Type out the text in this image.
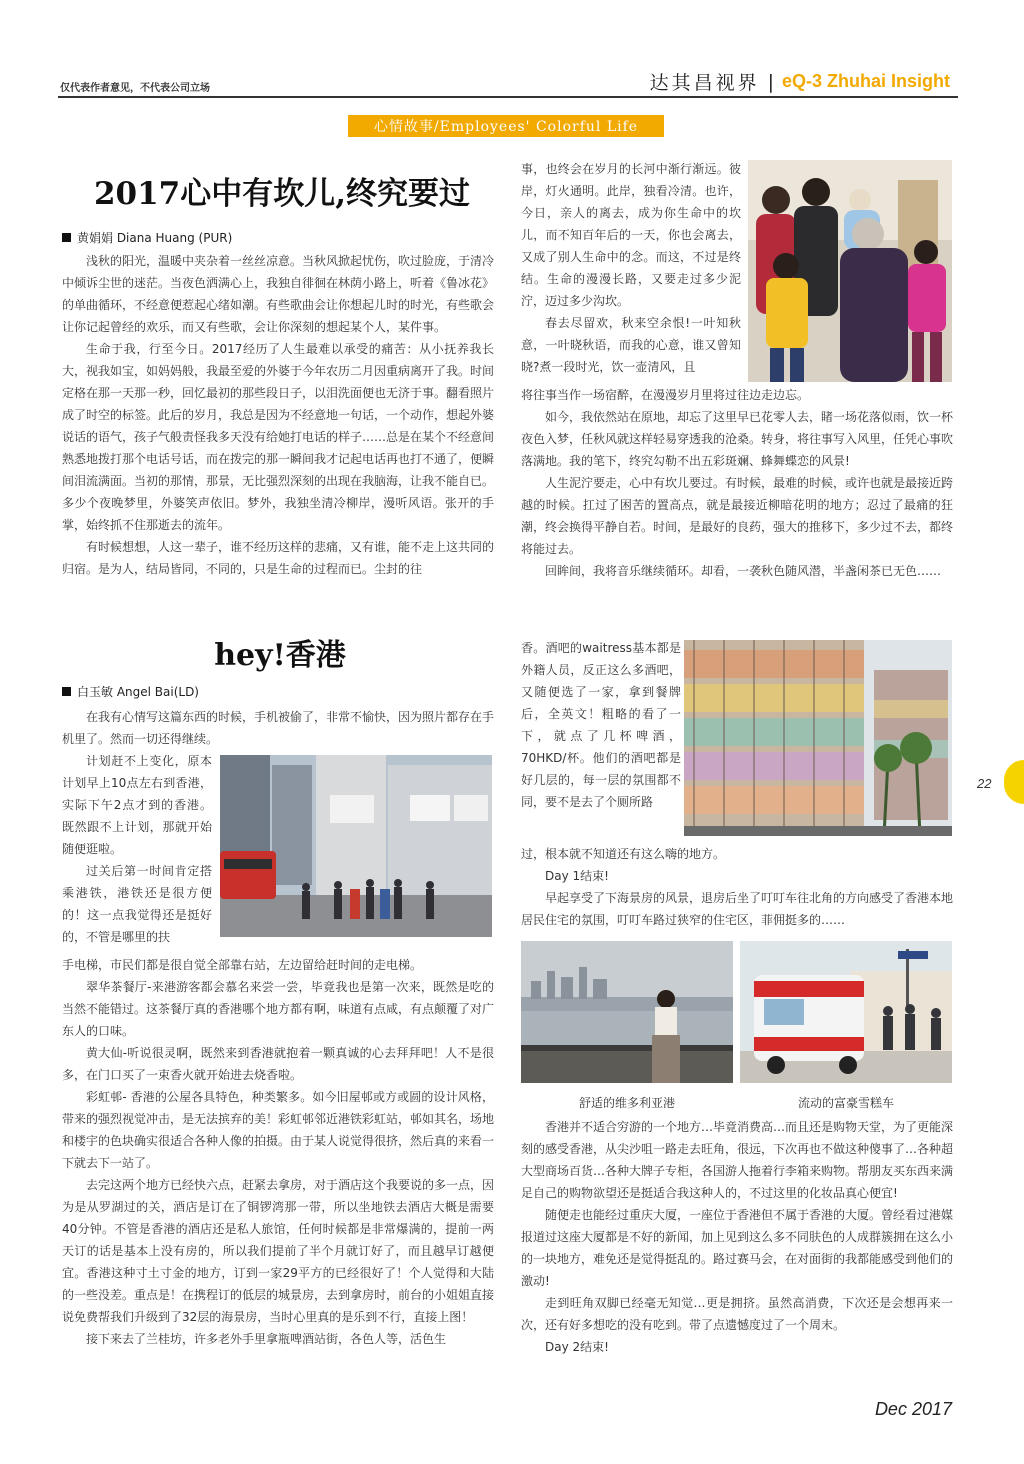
仅代表作者意见，不代表公司立场	达其昌视界 | eQ-3 Zhuhai Insight
心情故事/Employees' Colorful Life
2017心中有坎儿,终究要过
黄娟娟 Diana Huang (PUR)

浅秋的阳光，温暖中夹杂着一丝丝凉意。当秋风掀起忧伤，吹过脸庞，于清冷中倾诉尘世的迷茫。当夜色洒满心上，我独自徘徊在林荫小路上，听着《鲁冰花》的单曲循环，不经意便惹起心绪如潮。有些歌曲会让你想起儿时的时光，有些歌会让你记起曾经的欢乐，而又有些歌，会让你深刻的想起某个人，某件事。

生命于我，行至今日。2017经历了人生最难以承受的痛苦：从小抚养我长大，视我如宝，如妈妈般，我最至爱的外婆于今年农历二月因重病离开了我。时间定格在那一天那一秒，回忆最初的那些段日子，以泪洗面便也无济于事。翻看照片成了时空的标签。此后的岁月，我总是因为不经意地一句话，一个动作，想起外婆说话的语气，孩子气般责怪我多天没有给她打电话的样子……总是在某个不经意间熟悉地拨打那个电话号话，而在拨完的那一瞬间我才记起电话再也打不通了，便瞬间泪流满面。当初的那情，那景，无比强烈深刻的出现在我脑海，让我不能自已。多少个夜晚梦里，外婆笑声依旧。梦外，我独坐清冷柳岸，漫听风语。张开的手掌，始终抓不住那逝去的流年。

有时候想想，人这一辈子，谁不经历这样的悲痛，又有谁，能不走上这共同的归宿。是为人，结局皆同，不同的，只是生命的过程而已。尘封的往

事，也终会在岁月的长河中渐行渐远。彼岸，灯火通明。此岸，独看冷清。也许，今日，亲人的离去，成为你生命中的坎儿，而不知百年后的一天，你也会离去，又成了别人生命中的念。而这，不过是终结。生命的漫漫长路，又要走过多少泥泞，迈过多少沟坎。

春去尽留欢，秋来空余恨!一叶知秋意，一叶晓秋语，而我的心意，谁又曾知晓?煮一段时光，饮一壶清风，且

将往事当作一场宿醉，在漫漫岁月里将过往边走边忘。

如今，我依然站在原地，却忘了这里早已花零人去，睹一场花落似雨，饮一杯夜色入梦，任秋风就这样轻易穿透我的沧桑。转身，将往事写入风里，任凭心事吹落满地。我的笔下，终究勾勒不出五彩斑斓、蜂舞蝶恋的风景!

人生泥泞要走，心中有坎儿要过。有时候，最难的时候，或许也就是最接近跨越的时候。扛过了困苦的置高点，就是最接近柳暗花明的地方；忍过了最痛的狂潮，终会换得平静自若。时间，是最好的良药，强大的推移下，多少过不去，都终将能过去。

回眸间，我将音乐继续循环。却看，一袭秋色随风潜，半盏闲茶已无色……

hey!香港
白玉敏 Angel Bai(LD)

在我有心情写这篇东西的时候，手机被偷了，非常不愉快，因为照片都存在手机里了。然而一切还得继续。

计划赶不上变化，原本计划早上10点左右到香港，实际下午2点才到的香港。既然跟不上计划，那就开始随便逛啦。

过关后第一时间肯定搭乘港铁，港铁还是很方便的！这一点我觉得还是挺好的，不管是哪里的扶

手电梯，市民们都是很自觉全部靠右站，左边留给赶时间的走电梯。

翠华茶餐厅-来港游客都会慕名来尝一尝，毕竟我也是第一次来，既然是吃的当然不能错过。这茶餐厅真的香港哪个地方都有啊，味道有点咸，有点颠覆了对广东人的口味。

黄大仙-听说很灵啊，既然来到香港就抱着一颗真诚的心去拜拜吧！人不是很多，在门口买了一束香火就开始进去烧香啦。

彩虹邨- 香港的公屋各具特色，种类繁多。如今旧屋邨或方或圆的设计风格，带来的强烈视觉冲击，是无法摈弃的美！彩虹邨邻近港铁彩虹站，邨如其名，场地和楼宇的色块确实很适合各种人像的拍摄。由于某人说觉得很挤，然后真的来看一下就去下一站了。

去完这两个地方已经快六点，赶紧去拿房，对于酒店这个我要说的多一点，因为是从罗湖过的关，酒店是订在了铜锣湾那一带，所以坐地铁去酒店大概是需要40分钟。不管是香港的酒店还是私人旅馆，任何时候都是非常爆满的，提前一两天订的话是基本上没有房的，所以我们提前了半个月就订好了，而且越早订越便宜。香港这种寸土寸金的地方，订到一家29平方的已经很好了！个人觉得和大陆的一些没差。重点是！在携程订的低层的城景房，去到拿房时，前台的小姐姐直接说免费帮我们升级到了32层的海景房，当时心里真的是乐到不行，直接上图！

接下来去了兰桂坊，许多老外手里拿瓶啤酒站街，各色人等，活色生

香。酒吧的waitress基本都是外籍人员，反正这么多酒吧，又随便选了一家，拿到餐牌后，全英文！粗略的看了一下，就点了几杯啤酒，70HKD/杯。他们的酒吧都是好几层的，每一层的氛围都不同，要不是去了个厕所路

过，根本就不知道还有这么嗨的地方。

Day 1结束!

早起享受了下海景房的风景，退房后坐了叮叮车往北角的方向感受了香港本地居民住宅的氛围，叮叮车路过狭窄的住宅区，菲佣挺多的……

舒适的维多利亚港	流动的富豪雪糕车

香港并不适合穷游的一个地方…毕竟消费高…而且还是购物天堂，为了更能深刻的感受香港，从尖沙咀一路走去旺角，很远，下次再也不做这种傻事了…各种超大型商场百货…各种大牌子专柜，各国游人拖着行李箱来购物。帮朋友买东西来满足自己的购物欲望还是挺适合我这种人的，不过这里的化妆品真心便宜!

随便走也能经过重庆大厦，一座位于香港但不属于香港的大厦。曾经看过港媒报道过这座大厦都是不好的新闻，加上见到这么多不同肤色的人成群簇拥在这么小的一块地方，难免还是觉得挺乱的。路过赛马会，在对面街的我都能感受到他们的激动!

走到旺角双脚已经毫无知觉…更是拥挤。虽然高消费，下次还是会想再来一次，还有好多想吃的没有吃到。带了点遗憾度过了一个周末。

Day 2结束!

22
Dec 2017
